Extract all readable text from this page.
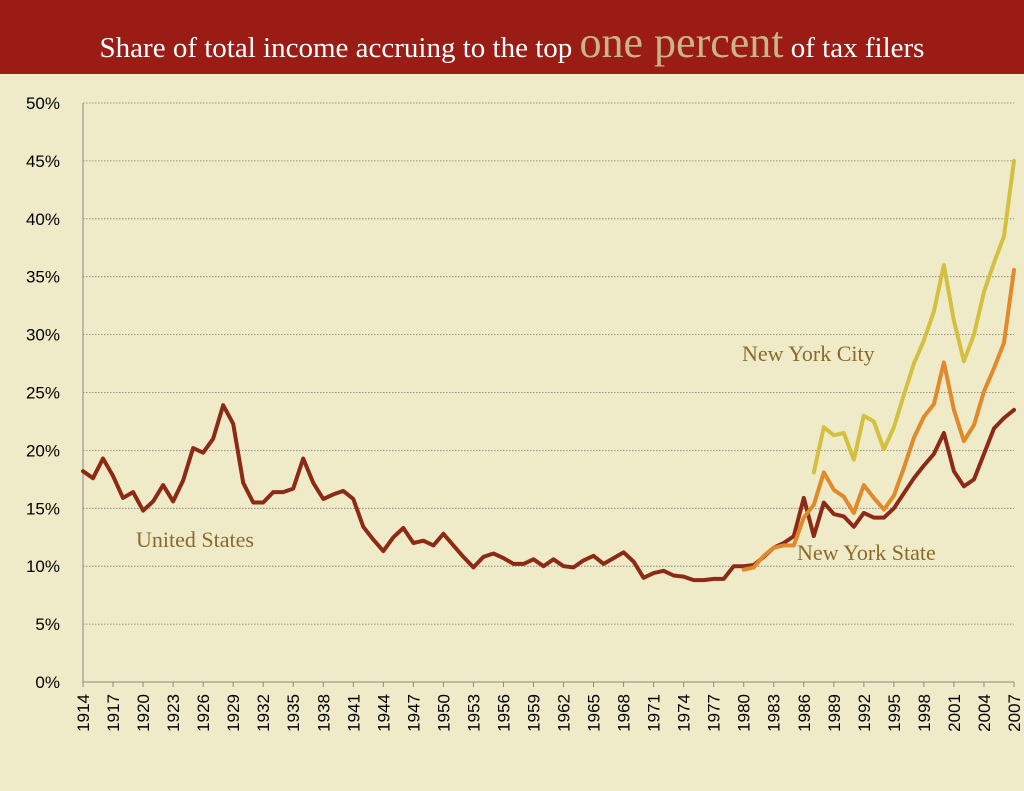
Share of total income accruing to the top one percent of tax filers
0%
5%
10%
15%
20%
25%
30%
35%
40%
45%
50%
1914 1917 1920 1923 1926 1929 1932 1935 1938 1941 1944 1947 1950 1953 1956 1959 1962 1965 1968 1971 1974 1977 1980 1983 1986 1989 1992 1995 1998 2001 2004 2007
United States
New York State
New York City
